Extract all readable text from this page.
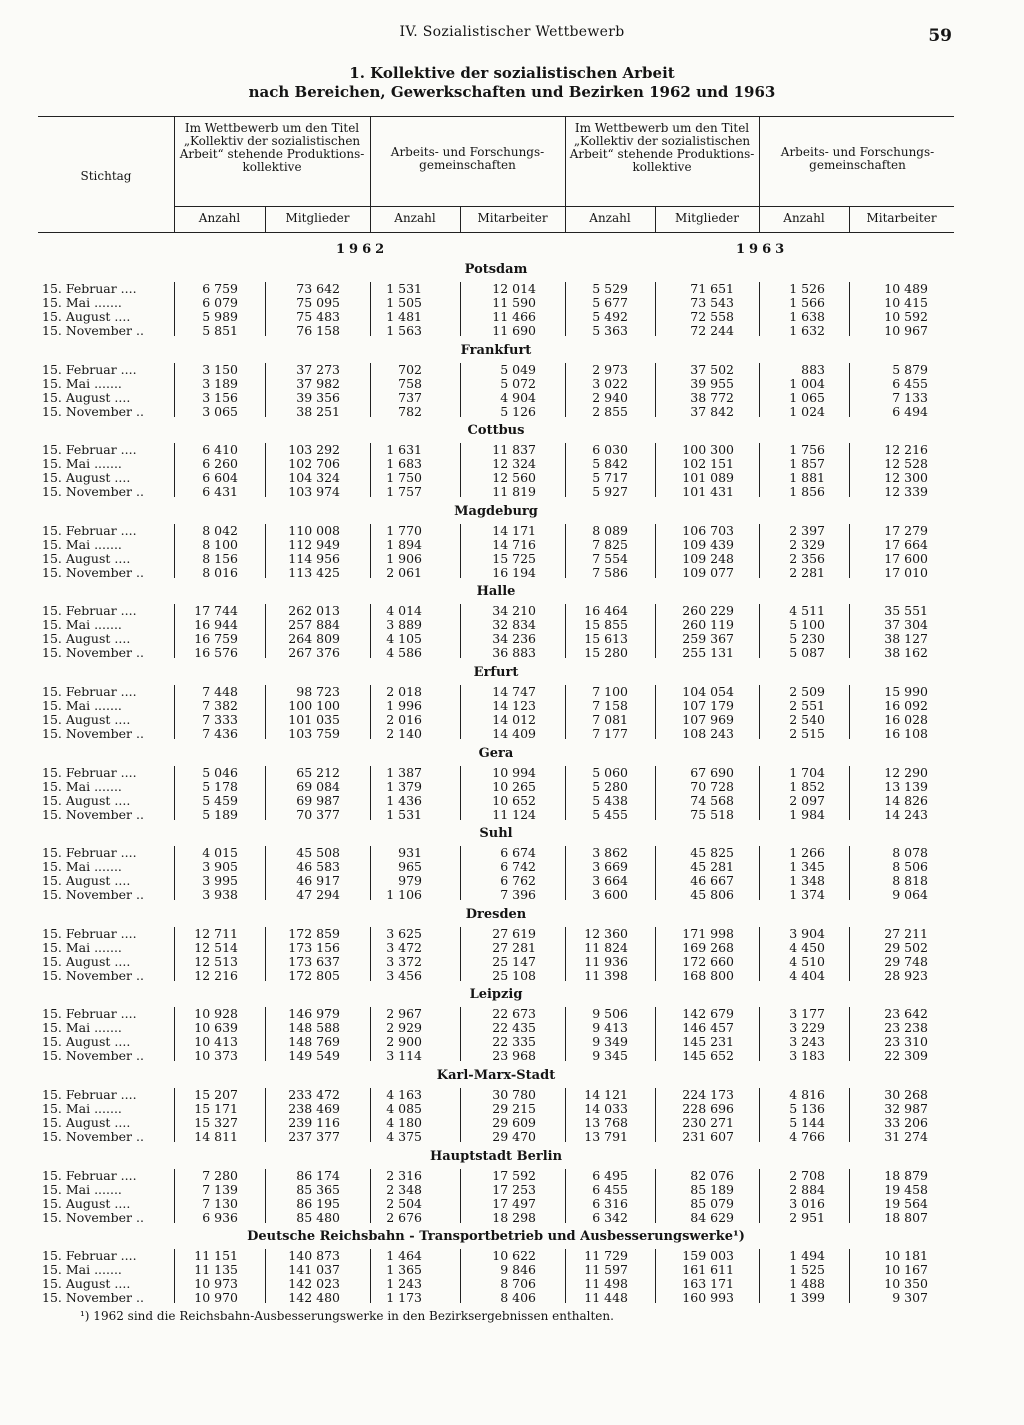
IV. Sozialistischer Wettbewerb	59
1. Kollektive der sozialistischen Arbeit
nach Bereichen, Gewerkschaften und Bezirken 1962 und 1963
Stichtag
Im Wettbewerb um den Titel „Kollektiv der sozialistischen Arbeit“ stehende Produktions-kollektive
Arbeits- und Forschungs-gemeinschaften
Im Wettbewerb um den Titel „Kollektiv der sozialistischen Arbeit“ stehende Produktions-kollektive
Arbeits- und Forschungs-gemeinschaften
Anzahl	Mitglieder	Anzahl	Mitarbeiter	Anzahl	Mitglieder	Anzahl	Mitarbeiter
1962	1963
Potsdam
15. Februar ....	6 759	73 642	1 531	12 014	5 529	71 651	1 526	10 489
15. Mai .......	6 079	75 095	1 505	11 590	5 677	73 543	1 566	10 415
15. August ....	5 989	75 483	1 481	11 466	5 492	72 558	1 638	10 592
15. November ..	5 851	76 158	1 563	11 690	5 363	72 244	1 632	10 967
Frankfurt
15. Februar ....	3 150	37 273	702	5 049	2 973	37 502	883	5 879
15. Mai .......	3 189	37 982	758	5 072	3 022	39 955	1 004	6 455
15. August ....	3 156	39 356	737	4 904	2 940	38 772	1 065	7 133
15. November ..	3 065	38 251	782	5 126	2 855	37 842	1 024	6 494
Cottbus
15. Februar ....	6 410	103 292	1 631	11 837	6 030	100 300	1 756	12 216
15. Mai .......	6 260	102 706	1 683	12 324	5 842	102 151	1 857	12 528
15. August ....	6 604	104 324	1 750	12 560	5 717	101 089	1 881	12 300
15. November ..	6 431	103 974	1 757	11 819	5 927	101 431	1 856	12 339
Magdeburg
15. Februar ....	8 042	110 008	1 770	14 171	8 089	106 703	2 397	17 279
15. Mai .......	8 100	112 949	1 894	14 716	7 825	109 439	2 329	17 664
15. August ....	8 156	114 956	1 906	15 725	7 554	109 248	2 356	17 600
15. November ..	8 016	113 425	2 061	16 194	7 586	109 077	2 281	17 010
Halle
15. Februar ....	17 744	262 013	4 014	34 210	16 464	260 229	4 511	35 551
15. Mai .......	16 944	257 884	3 889	32 834	15 855	260 119	5 100	37 304
15. August ....	16 759	264 809	4 105	34 236	15 613	259 367	5 230	38 127
15. November ..	16 576	267 376	4 586	36 883	15 280	255 131	5 087	38 162
Erfurt
15. Februar ....	7 448	98 723	2 018	14 747	7 100	104 054	2 509	15 990
15. Mai .......	7 382	100 100	1 996	14 123	7 158	107 179	2 551	16 092
15. August ....	7 333	101 035	2 016	14 012	7 081	107 969	2 540	16 028
15. November ..	7 436	103 759	2 140	14 409	7 177	108 243	2 515	16 108
Gera
15. Februar ....	5 046	65 212	1 387	10 994	5 060	67 690	1 704	12 290
15. Mai .......	5 178	69 084	1 379	10 265	5 280	70 728	1 852	13 139
15. August ....	5 459	69 987	1 436	10 652	5 438	74 568	2 097	14 826
15. November ..	5 189	70 377	1 531	11 124	5 455	75 518	1 984	14 243
Suhl
15. Februar ....	4 015	45 508	931	6 674	3 862	45 825	1 266	8 078
15. Mai .......	3 905	46 583	965	6 742	3 669	45 281	1 345	8 506
15. August ....	3 995	46 917	979	6 762	3 664	46 667	1 348	8 818
15. November ..	3 938	47 294	1 106	7 396	3 600	45 806	1 374	9 064
Dresden
15. Februar ....	12 711	172 859	3 625	27 619	12 360	171 998	3 904	27 211
15. Mai .......	12 514	173 156	3 472	27 281	11 824	169 268	4 450	29 502
15. August ....	12 513	173 637	3 372	25 147	11 936	172 660	4 510	29 748
15. November ..	12 216	172 805	3 456	25 108	11 398	168 800	4 404	28 923
Leipzig
15. Februar ....	10 928	146 979	2 967	22 673	9 506	142 679	3 177	23 642
15. Mai .......	10 639	148 588	2 929	22 435	9 413	146 457	3 229	23 238
15. August ....	10 413	148 769	2 900	22 335	9 349	145 231	3 243	23 310
15. November ..	10 373	149 549	3 114	23 968	9 345	145 652	3 183	22 309
Karl-Marx-Stadt
15. Februar ....	15 207	233 472	4 163	30 780	14 121	224 173	4 816	30 268
15. Mai .......	15 171	238 469	4 085	29 215	14 033	228 696	5 136	32 987
15. August ....	15 327	239 116	4 180	29 609	13 768	230 271	5 144	33 206
15. November ..	14 811	237 377	4 375	29 470	13 791	231 607	4 766	31 274
Hauptstadt Berlin
15. Februar ....	7 280	86 174	2 316	17 592	6 495	82 076	2 708	18 879
15. Mai .......	7 139	85 365	2 348	17 253	6 455	85 189	2 884	19 458
15. August ....	7 130	86 195	2 504	17 497	6 316	85 079	3 016	19 564
15. November ..	6 936	85 480	2 676	18 298	6 342	84 629	2 951	18 807
Deutsche Reichsbahn - Transportbetrieb und Ausbesserungswerke¹)
15. Februar ....	11 151	140 873	1 464	10 622	11 729	159 003	1 494	10 181
15. Mai .......	11 135	141 037	1 365	9 846	11 597	161 611	1 525	10 167
15. August ....	10 973	142 023	1 243	8 706	11 498	163 171	1 488	10 350
15. November ..	10 970	142 480	1 173	8 406	11 448	160 993	1 399	9 307
¹) 1962 sind die Reichsbahn-Ausbesserungswerke in den Bezirksergebnissen enthalten.
